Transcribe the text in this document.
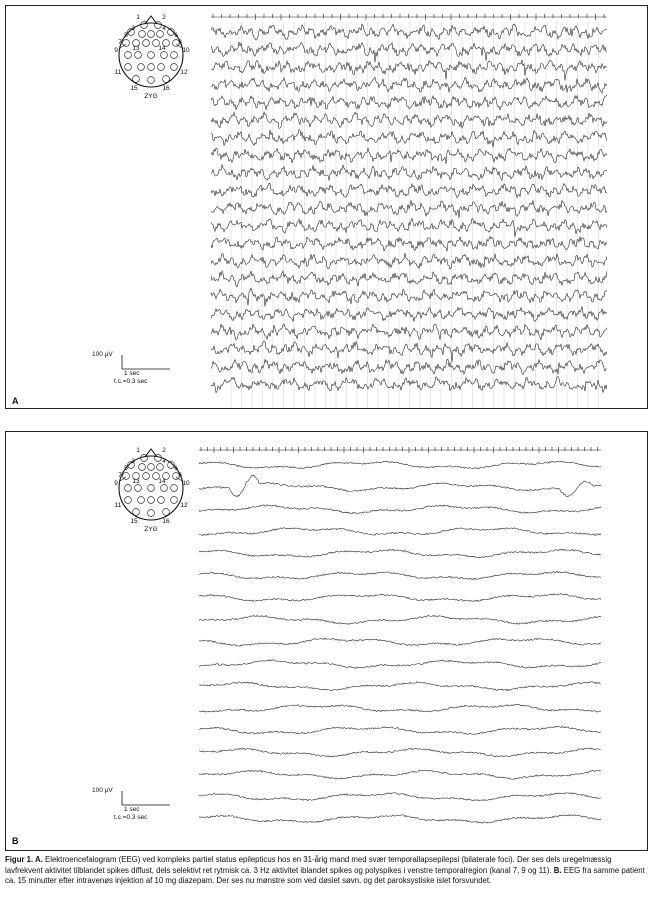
1	2
3	4
5	6
7	8
9	10
11	12
13	14
15	16
ZYG
100 µV
1 sec
t.c.=0.3 sec
A
1	2
3	4
5	6
7	8
9	10
11	12
13	14
15	16
ZYG
100 µV
1 sec
t.c.=0.3 sec
B
Figur 1. A. Elektroencefalogram (EEG) ved kompleks partiel status epilepticus hos en 31-årig mand med svær temporallapsepilepsi (bilaterale foci). Der ses dels uregelmæssig lavfrekvent aktivitet tilblandet spikes diffust, dels selektivt ret rytmisk ca. 3 Hz aktivitet iblandet spikes og polyspikes i venstre temporalregion (kanal 7, 9 og 11). B. EEG fra samme patient ca. 15 minutter efter intravenøs injektion af 10 mg diazepam. Der ses nu mønstre som ved døsiet søvn, og det paroksystiske islet forsvundet.
